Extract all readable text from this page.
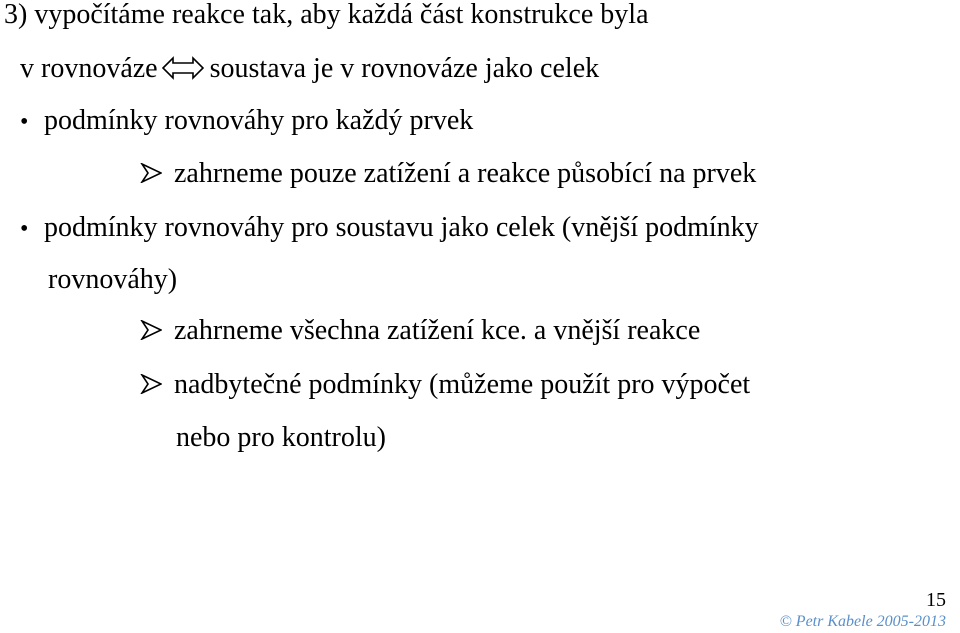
3) vypočítáme reakce tak, aby každá část konstrukce byla
v rovnováze soustava je v rovnováze jako celek
• podmínky rovnováhy pro každý prvek
zahrneme pouze zatížení a reakce působící na prvek
• podmínky rovnováhy pro soustavu jako celek (vnější podmínky
rovnováhy)
zahrneme všechna zatížení kce. a vnější reakce
nadbytečné podmínky (můžeme použít pro výpočet
nebo pro kontrolu)
15
© Petr Kabele 2005-2013
